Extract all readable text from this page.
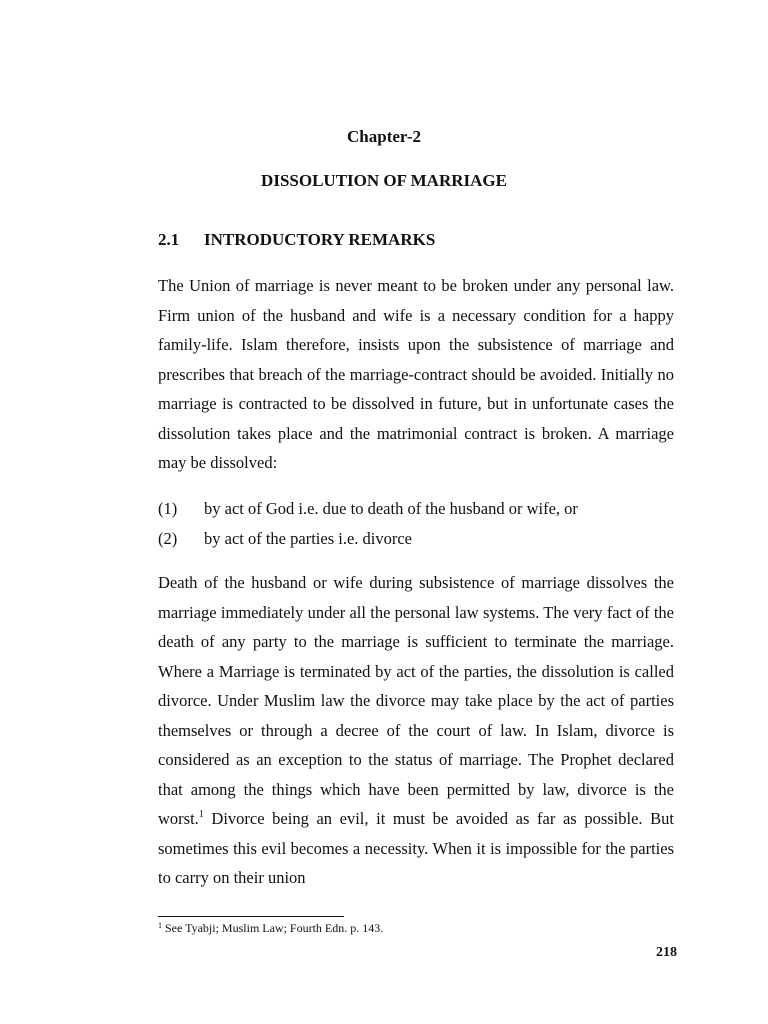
Chapter-2
DISSOLUTION OF MARRIAGE
2.1 INTRODUCTORY REMARKS

The Union of marriage is never meant to be broken under any personal law. Firm union of the husband and wife is a necessary condition for a happy family-life. Islam therefore, insists upon the subsistence of marriage and prescribes that breach of the marriage-contract should be avoided. Initially no marriage is contracted to be dissolved in future, but in unfortunate cases the dissolution takes place and the matrimonial contract is broken. A marriage may be dissolved:

(1) by act of God i.e. due to death of the husband or wife, or
(2) by act of the parties i.e. divorce

Death of the husband or wife during subsistence of marriage dissolves the marriage immediately under all the personal law systems. The very fact of the death of any party to the marriage is sufficient to terminate the marriage. Where a Marriage is terminated by act of the parties, the dissolution is called divorce. Under Muslim law the divorce may take place by the act of parties themselves or through a decree of the court of law. In Islam, divorce is considered as an exception to the status of marriage. The Prophet declared that among the things which have been permitted by law, divorce is the worst.$^1$ Divorce being an evil, it must be avoided as far as possible. But sometimes this evil becomes a necessity. When it is impossible for the parties to carry on their union

$^1$ See Tyabji; Muslim Law; Fourth Edn. p. 143.
218
